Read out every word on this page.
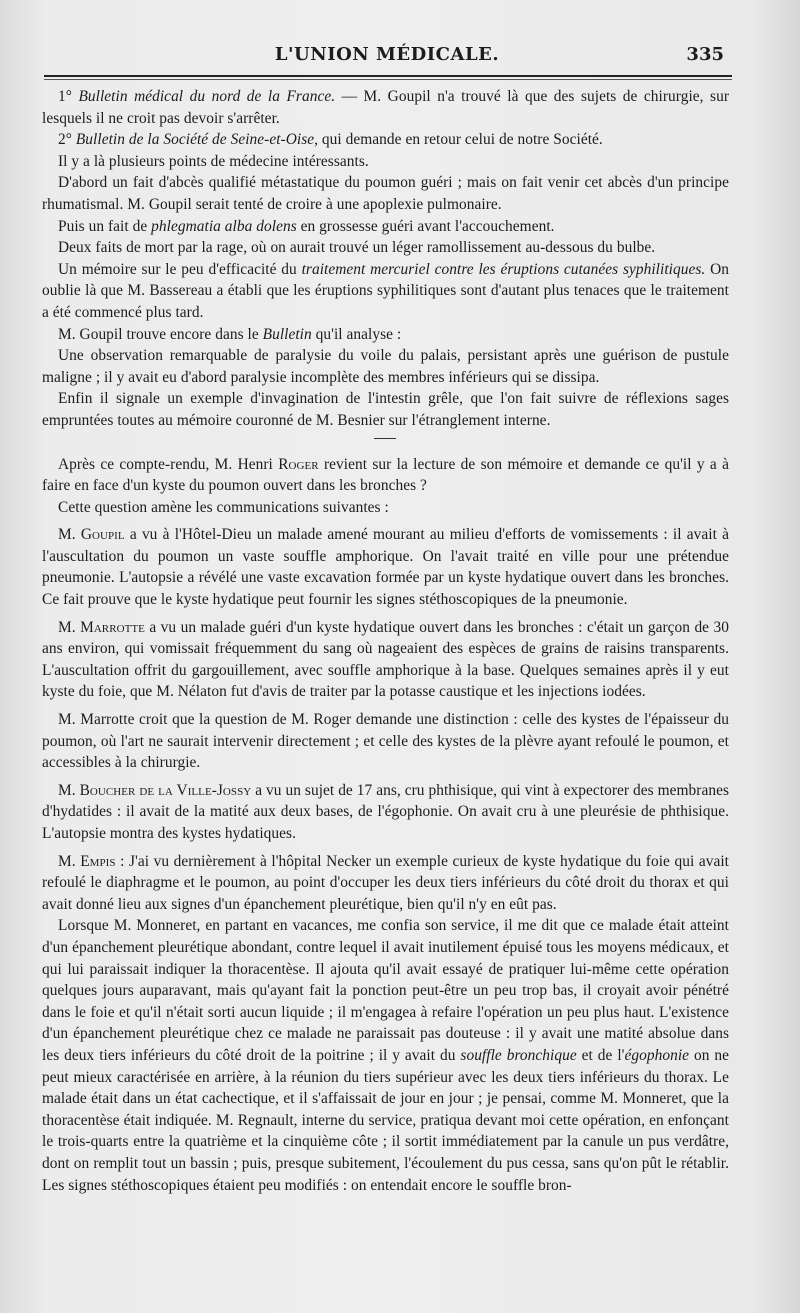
L'UNION MÉDICALE.	335

1° Bulletin médical du nord de la France. — M. Goupil n'a trouvé là que des sujets de chirurgie, sur lesquels il ne croit pas devoir s'arrêter.

2° Bulletin de la Société de Seine-et-Oise, qui demande en retour celui de notre Société.

Il y a là plusieurs points de médecine intéressants.

D'abord un fait d'abcès qualifié métastatique du poumon guéri ; mais on fait venir cet abcès d'un principe rhumatismal. M. Goupil serait tenté de croire à une apoplexie pulmonaire.

Puis un fait de phlegmatia alba dolens en grossesse guéri avant l'accouchement.

Deux faits de mort par la rage, où on aurait trouvé un léger ramollissement au-dessous du bulbe.

Un mémoire sur le peu d'efficacité du traitement mercuriel contre les éruptions cutanées syphilitiques. On oublie là que M. Bassereau a établi que les éruptions syphilitiques sont d'autant plus tenaces que le traitement a été commencé plus tard.

M. Goupil trouve encore dans le Bulletin qu'il analyse :

Une observation remarquable de paralysie du voile du palais, persistant après une guérison de pustule maligne ; il y avait eu d'abord paralysie incomplète des membres inférieurs qui se dissipa.

Enfin il signale un exemple d'invagination de l'intestin grêle, que l'on fait suivre de réflexions sages empruntées toutes au mémoire couronné de M. Besnier sur l'étranglement interne.

Après ce compte-rendu, M. Henri Roger revient sur la lecture de son mémoire et demande ce qu'il y a à faire en face d'un kyste du poumon ouvert dans les bronches ?

Cette question amène les communications suivantes :

M. Goupil a vu à l'Hôtel-Dieu un malade amené mourant au milieu d'efforts de vomissements : il avait à l'auscultation du poumon un vaste souffle amphorique. On l'avait traité en ville pour une prétendue pneumonie. L'autopsie a révélé une vaste excavation formée par un kyste hydatique ouvert dans les bronches. Ce fait prouve que le kyste hydatique peut fournir les signes stéthoscopiques de la pneumonie.

M. Marrotte a vu un malade guéri d'un kyste hydatique ouvert dans les bronches : c'était un garçon de 30 ans environ, qui vomissait fréquemment du sang où nageaient des espèces de grains de raisins transparents. L'auscultation offrit du gargouillement, avec souffle amphorique à la base. Quelques semaines après il y eut kyste du foie, que M. Nélaton fut d'avis de traiter par la potasse caustique et les injections iodées.

M. Marrotte croit que la question de M. Roger demande une distinction : celle des kystes de l'épaisseur du poumon, où l'art ne saurait intervenir directement ; et celle des kystes de la plèvre ayant refoulé le poumon, et accessibles à la chirurgie.

M. Boucher de la Ville-Jossy a vu un sujet de 17 ans, cru phthisique, qui vint à expectorer des membranes d'hydatides : il avait de la matité aux deux bases, de l'égophonie. On avait cru à une pleurésie de phthisique. L'autopsie montra des kystes hydatiques.

M. Empis : J'ai vu dernièrement à l'hôpital Necker un exemple curieux de kyste hydatique du foie qui avait refoulé le diaphragme et le poumon, au point d'occuper les deux tiers inférieurs du côté droit du thorax et qui avait donné lieu aux signes d'un épanchement pleurétique, bien qu'il n'y en eût pas.

Lorsque M. Monneret, en partant en vacances, me confia son service, il me dit que ce malade était atteint d'un épanchement pleurétique abondant, contre lequel il avait inutilement épuisé tous les moyens médicaux, et qui lui paraissait indiquer la thoracentèse. Il ajouta qu'il avait essayé de pratiquer lui-même cette opération quelques jours auparavant, mais qu'ayant fait la ponction peut-être un peu trop bas, il croyait avoir pénétré dans le foie et qu'il n'était sorti aucun liquide ; il m'engagea à refaire l'opération un peu plus haut. L'existence d'un épanchement pleurétique chez ce malade ne paraissait pas douteuse : il y avait une matité absolue dans les deux tiers inférieurs du côté droit de la poitrine ; il y avait du souffle bronchique et de l'égophonie on ne peut mieux caractérisée en arrière, à la réunion du tiers supérieur avec les deux tiers inférieurs du thorax. Le malade était dans un état cachectique, et il s'affaissait de jour en jour ; je pensai, comme M. Monneret, que la thoracentèse était indiquée. M. Regnault, interne du service, pratiqua devant moi cette opération, en enfonçant le trois-quarts entre la quatrième et la cinquième côte ; il sortit immédiatement par la canule un pus verdâtre, dont on remplit tout un bassin ; puis, presque subitement, l'écoulement du pus cessa, sans qu'on pût le rétablir. Les signes stéthoscopiques étaient peu modifiés : on entendait encore le souffle bron-
